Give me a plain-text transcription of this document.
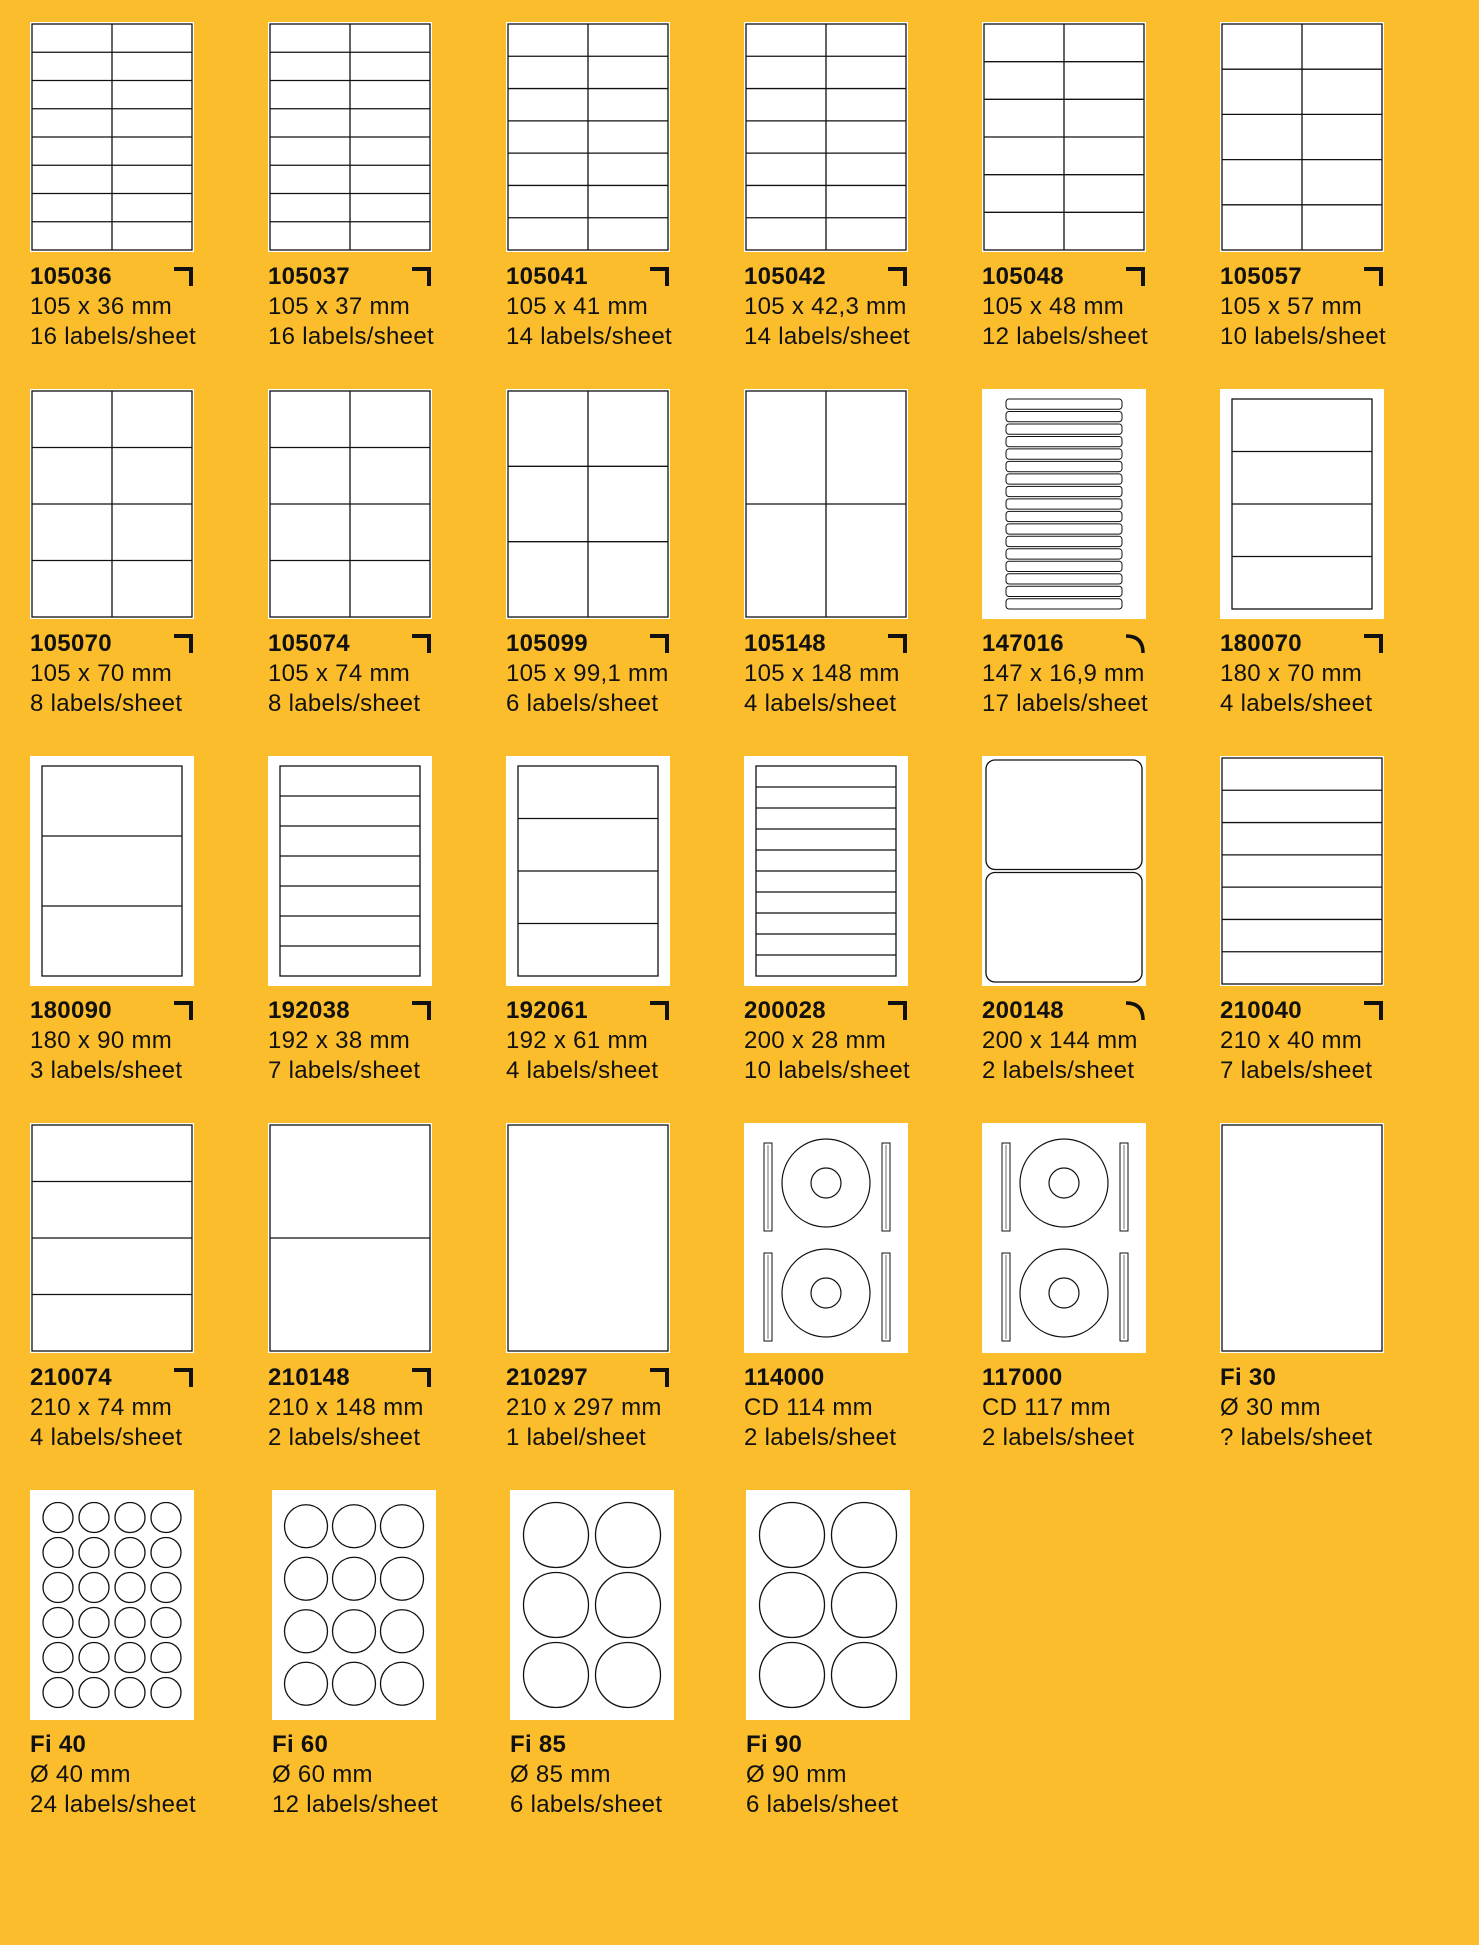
105036
105 x 36 mm
16 labels/sheet
105037
105 x 37 mm
16 labels/sheet
105041
105 x 41 mm
14 labels/sheet
105042
105 x 42,3 mm
14 labels/sheet
105048
105 x 48 mm
12 labels/sheet
105057
105 x 57 mm
10 labels/sheet
105070
105 x 70 mm
8 labels/sheet
105074
105 x 74 mm
8 labels/sheet
105099
105 x 99,1 mm
6 labels/sheet
105148
105 x 148 mm
4 labels/sheet
147016
147 x 16,9 mm
17 labels/sheet
180070
180 x 70 mm
4 labels/sheet
180090
180 x 90 mm
3 labels/sheet
192038
192 x 38 mm
7 labels/sheet
192061
192 x 61 mm
4 labels/sheet
200028
200 x 28 mm
10 labels/sheet
200148
200 x 144 mm
2 labels/sheet
210040
210 x 40 mm
7 labels/sheet
210074
210 x 74 mm
4 labels/sheet
210148
210 x 148 mm
2 labels/sheet
210297
210 x 297 mm
1 label/sheet
114000
CD 114 mm
2 labels/sheet
117000
CD 117 mm
2 labels/sheet
Fi 30
Ø 30 mm
? labels/sheet
Fi 40
Ø 40 mm
24 labels/sheet
Fi 60
Ø 60 mm
12 labels/sheet
Fi 85
Ø 85 mm
6 labels/sheet
Fi 90
Ø 90 mm
6 labels/sheet
